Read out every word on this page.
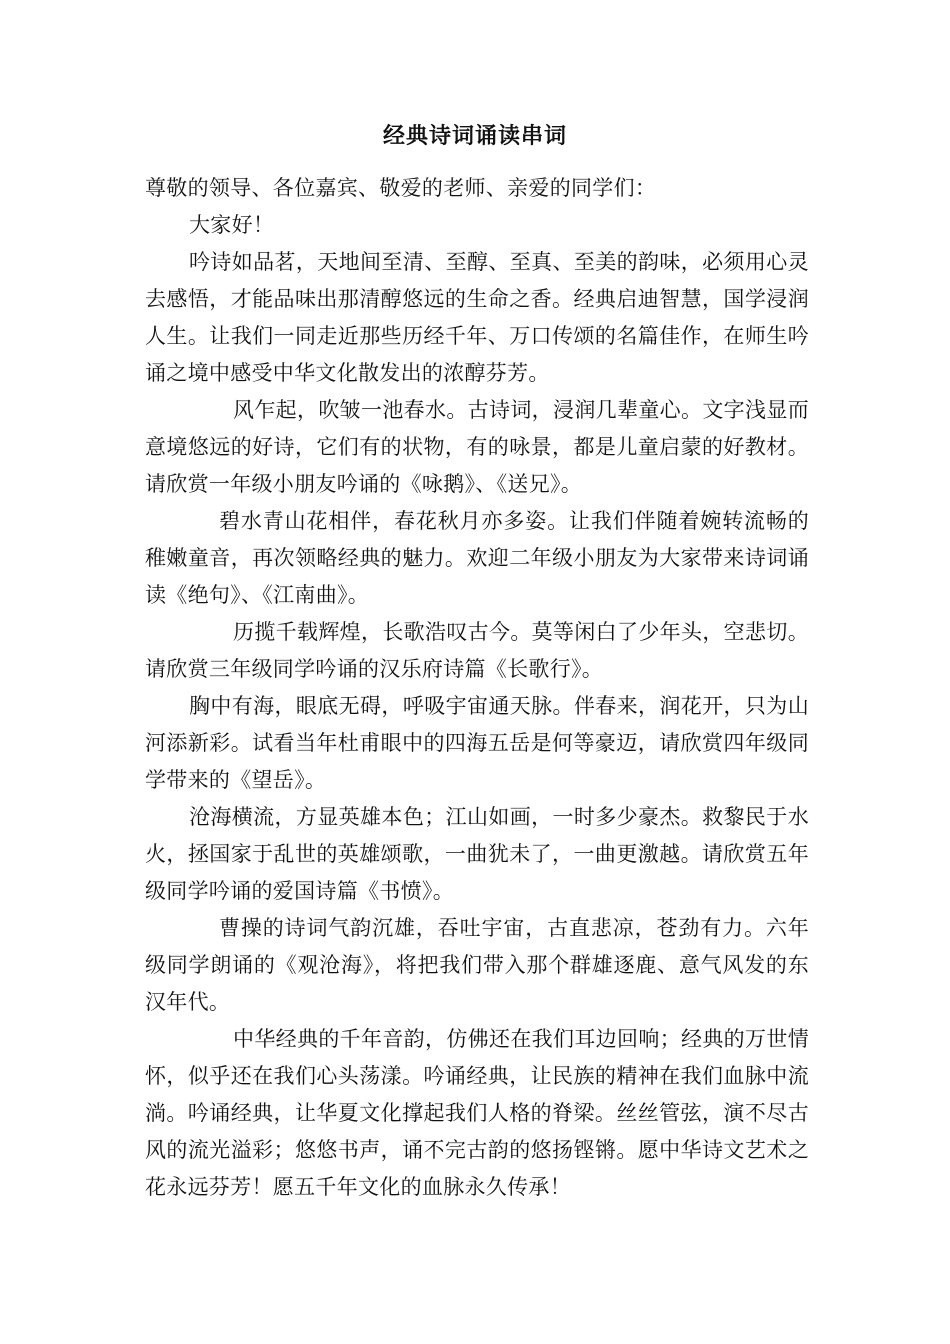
经典诗词诵读串词

尊敬的领导、各位嘉宾、敬爱的老师、亲爱的同学们：

大家好！

吟诗如品茗，天地间至清、至醇、至真、至美的韵味，必须用心灵去感悟，才能品味出那清醇悠远的生命之香。经典启迪智慧，国学浸润人生。让我们一同走近那些历经千年、万口传颂的名篇佳作，在师生吟诵之境中感受中华文化散发出的浓醇芬芳。

风乍起，吹皱一池春水。古诗词，浸润几辈童心。文字浅显而意境悠远的好诗，它们有的状物，有的咏景，都是儿童启蒙的好教材。请欣赏一年级小朋友吟诵的《咏鹅》、《送兄》。

碧水青山花相伴，春花秋月亦多姿。让我们伴随着婉转流畅的稚嫩童音，再次领略经典的魅力。欢迎二年级小朋友为大家带来诗词诵读《绝句》、《江南曲》。

历揽千载辉煌，长歌浩叹古今。莫等闲白了少年头，空悲切。请欣赏三年级同学吟诵的汉乐府诗篇《长歌行》。

胸中有海，眼底无碍，呼吸宇宙通天脉。伴春来，润花开，只为山河添新彩。试看当年杜甫眼中的四海五岳是何等豪迈，请欣赏四年级同学带来的《望岳》。

沧海横流，方显英雄本色；江山如画，一时多少豪杰。救黎民于水火，拯国家于乱世的英雄颂歌，一曲犹未了，一曲更激越。请欣赏五年级同学吟诵的爱国诗篇《书愤》。

曹操的诗词气韵沉雄，吞吐宇宙，古直悲凉，苍劲有力。六年级同学朗诵的《观沧海》，将把我们带入那个群雄逐鹿、意气风发的东汉年代。

中华经典的千年音韵，仿佛还在我们耳边回响；经典的万世情怀，似乎还在我们心头荡漾。吟诵经典，让民族的精神在我们血脉中流淌。吟诵经典，让华夏文化撑起我们人格的脊梁。丝丝管弦，演不尽古风的流光溢彩；悠悠书声，诵不完古韵的悠扬铿锵。愿中华诗文艺术之花永远芬芳！愿五千年文化的血脉永久传承！
